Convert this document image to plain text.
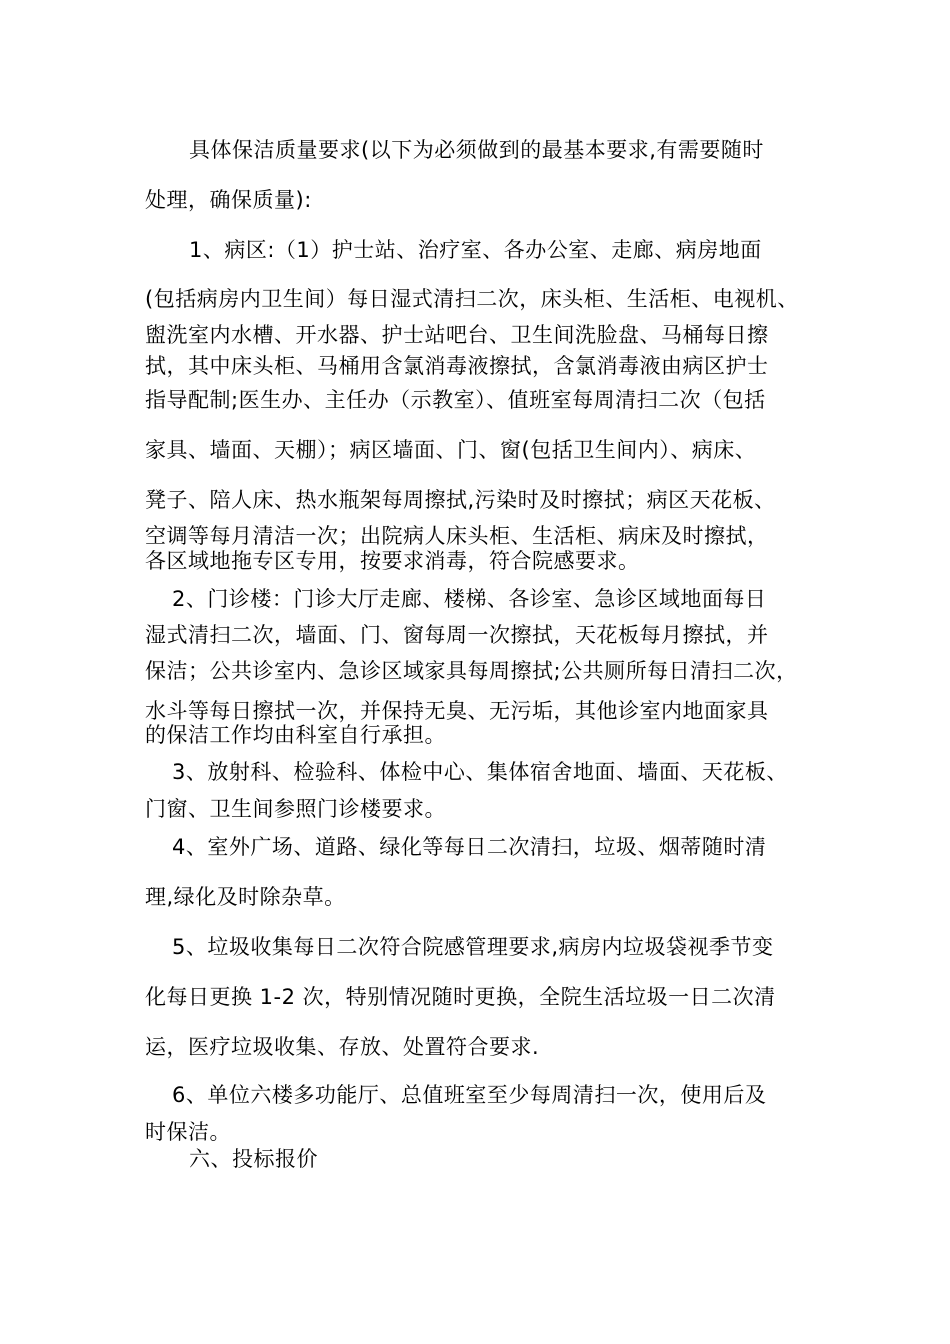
具体保洁质量要求(以下为必须做到的最基本要求,有需要随时
处理，确保质量):
1、病区:（1）护士站、治疗室、各办公室、走廊、病房地面
(包括病房内卫生间）每日湿式清扫二次，床头柜、生活柜、电视机、
盥洗室内水槽、开水器、护士站吧台、卫生间洗脸盘、马桶每日擦
拭，其中床头柜、马桶用含氯消毒液擦拭，含氯消毒液由病区护士
指导配制;医生办、主任办（示教室）、值班室每周清扫二次（包括
家具、墙面、天棚）；病区墙面、门、窗(包括卫生间内）、病床、
凳子、陪人床、热水瓶架每周擦拭,污染时及时擦拭；病区天花板、
空调等每月清洁一次；出院病人床头柜、生活柜、病床及时擦拭，
各区域地拖专区专用，按要求消毒，符合院感要求。
2、门诊楼：门诊大厅走廊、楼梯、各诊室、急诊区域地面每日
湿式清扫二次，墙面、门、窗每周一次擦拭，天花板每月擦拭，并
保洁；公共诊室内、急诊区域家具每周擦拭;公共厕所每日清扫二次，
水斗等每日擦拭一次，并保持无臭、无污垢，其他诊室内地面家具
的保洁工作均由科室自行承担。
3、放射科、检验科、体检中心、集体宿舍地面、墙面、天花板、
门窗、卫生间参照门诊楼要求。
4、室外广场、道路、绿化等每日二次清扫，垃圾、烟蒂随时清
理,绿化及时除杂草。
5、垃圾收集每日二次符合院感管理要求,病房内垃圾袋视季节变
化每日更换 1-2 次，特别情况随时更换，全院生活垃圾一日二次清
运，医疗垃圾收集、存放、处置符合要求.
6、单位六楼多功能厅、总值班室至少每周清扫一次，使用后及
时保洁。
六、投标报价
